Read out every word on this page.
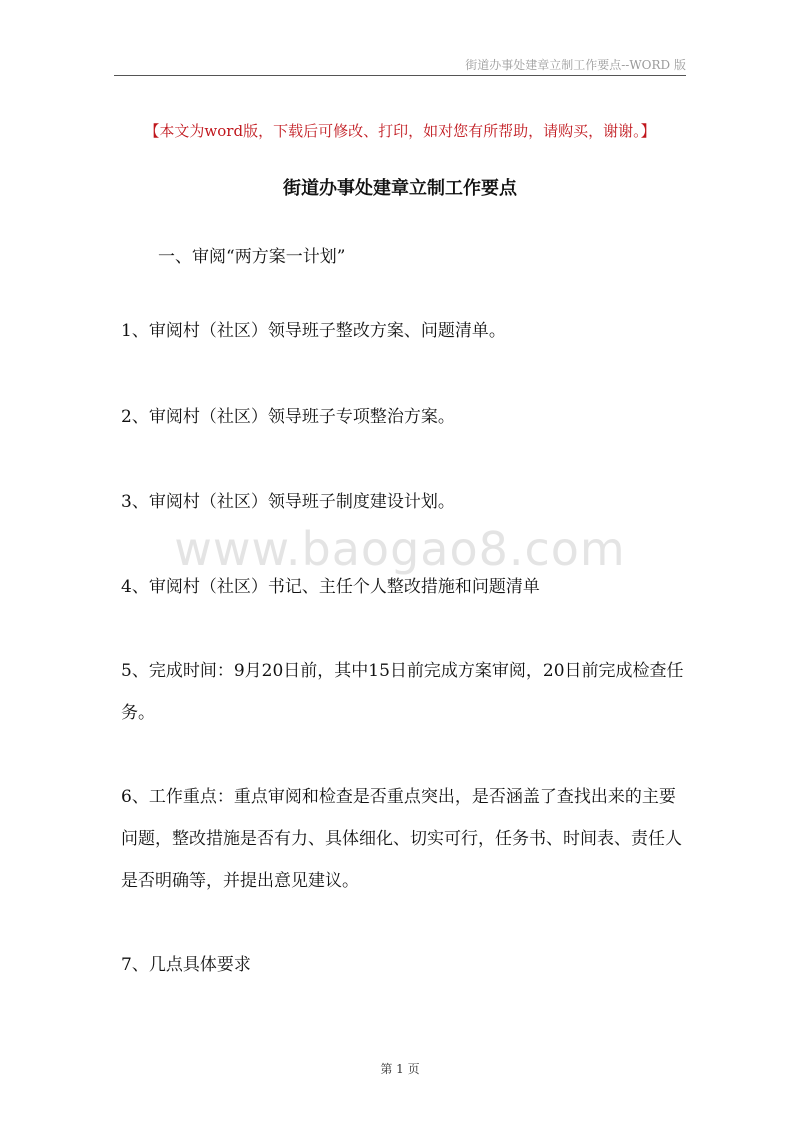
街道办事处建章立制工作要点--WORD 版
【本文为word版，下载后可修改、打印，如对您有所帮助，请购买，谢谢。】
街道办事处建章立制工作要点
一、审阅“两方案一计划”
1、审阅村（社区）领导班子整改方案、问题清单。
2、审阅村（社区）领导班子专项整治方案。
3、审阅村（社区）领导班子制度建设计划。
www.baogao8.com
4、审阅村（社区）书记、主任个人整改措施和问题清单
5、完成时间：9月20日前，其中15日前完成方案审阅，20日前完成检查任务。
6、工作重点：重点审阅和检查是否重点突出，是否涵盖了查找出来的主要问题，整改措施是否有力、具体细化、切实可行，任务书、时间表、责任人是否明确等，并提出意见建议。
7、几点具体要求
第 1 页
